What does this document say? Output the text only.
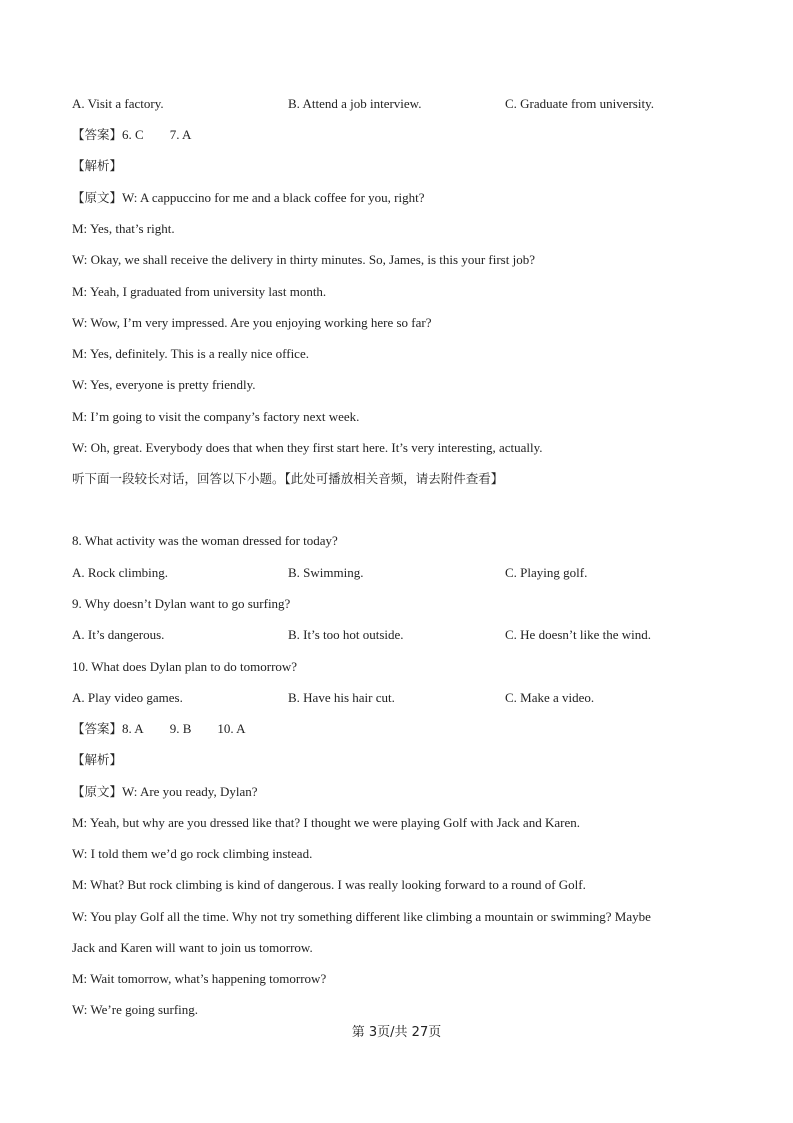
A. Visit a factory.	B. Attend a job interview.	C. Graduate from university.
【答案】6. C 7. A
【解析】
【原文】W: A cappuccino for me and a black coffee for you, right?
M: Yes, that’s right.
W: Okay, we shall receive the delivery in thirty minutes. So, James, is this your first job?
M: Yeah, I graduated from university last month.
W: Wow, I’m very impressed. Are you enjoying working here so far?
M: Yes, definitely. This is a really nice office.
W: Yes, everyone is pretty friendly.
M: I’m going to visit the company’s factory next week.
W: Oh, great. Everybody does that when they first start here. It’s very interesting, actually.
听下面一段较长对话，回答以下小题。【此处可播放相关音频，请去附件查看】
8. What activity was the woman dressed for today?
A. Rock climbing.	B. Swimming.	C. Playing golf.
9. Why doesn’t Dylan want to go surfing?
A. It’s dangerous.	B. It’s too hot outside.	C. He doesn’t like the wind.
10. What does Dylan plan to do tomorrow?
A. Play video games.	B. Have his hair cut.	C. Make a video.
【答案】8. A 9. B 10. A
【解析】
【原文】W: Are you ready, Dylan?
M: Yeah, but why are you dressed like that? I thought we were playing Golf with Jack and Karen.
W: I told them we’d go rock climbing instead.
M: What? But rock climbing is kind of dangerous. I was really looking forward to a round of Golf.
W: You play Golf all the time. Why not try something different like climbing a mountain or swimming? Maybe
Jack and Karen will want to join us tomorrow.
M: Wait tomorrow, what’s happening tomorrow?
W: We’re going surfing.
第 3页/共 27页
